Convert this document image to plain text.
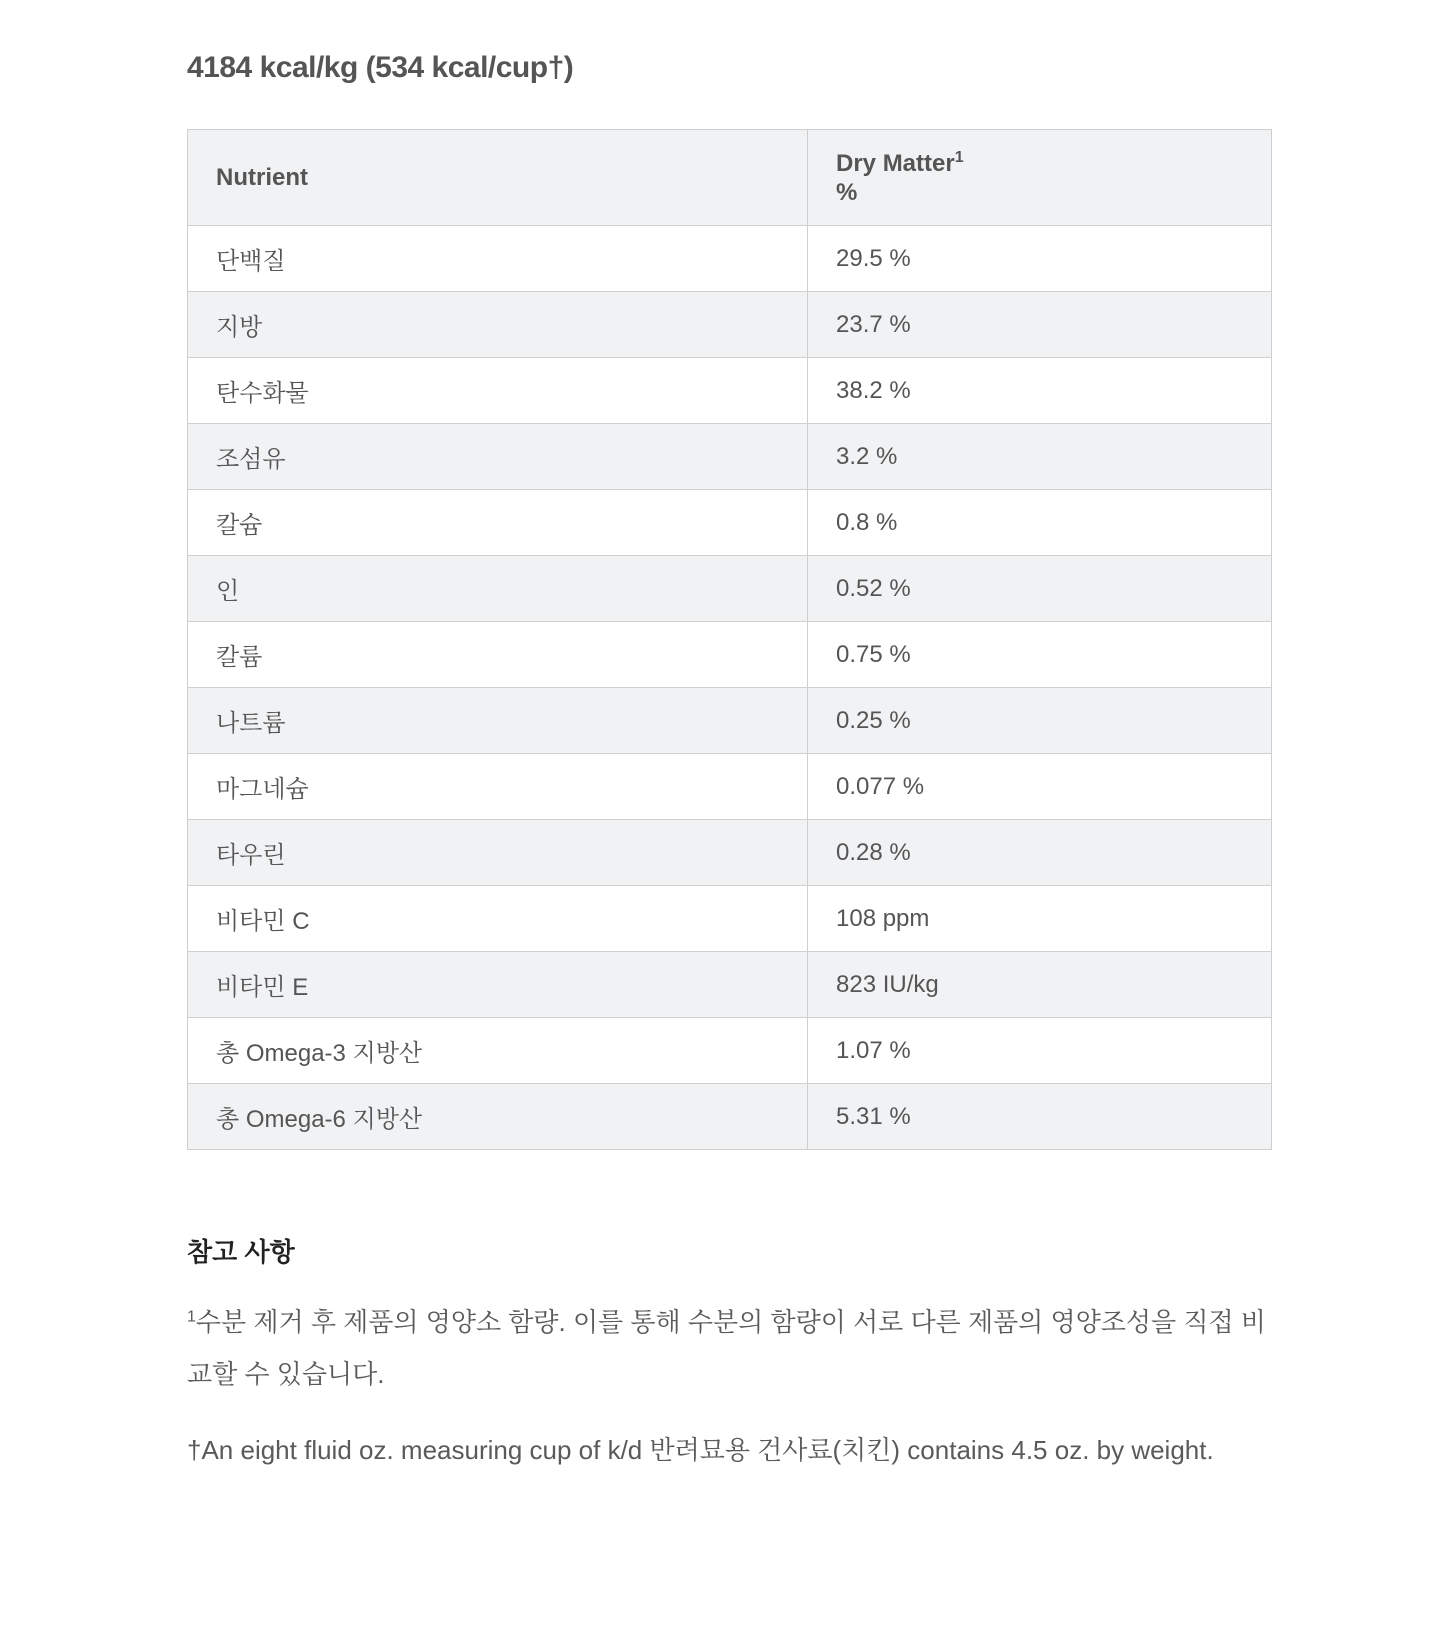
4184 kcal/kg (534 kcal/cup†)
Nutrient	Dry Matter$^1$
%
단백질	29.5 %
지방	23.7 %
탄수화물	38.2 %
조섬유	3.2 %
칼슘	0.8 %
인	0.52 %
칼륨	0.75 %
나트륨	0.25 %
마그네슘	0.077 %
타우린	0.28 %
비타민 C	108 ppm
비타민 E	823 IU/kg
총 Omega-3 지방산	1.07 %
총 Omega-6 지방산	5.31 %
참고 사항
$^1$수분 제거 후 제품의 영양소 함량. 이를 통해 수분의 함량이 서로 다른 제품의 영양조성을 직접 비교할 수 있습니다.
†An eight fluid oz. measuring cup of k/d 반려묘용 건사료(치킨) contains 4.5 oz. by weight.
